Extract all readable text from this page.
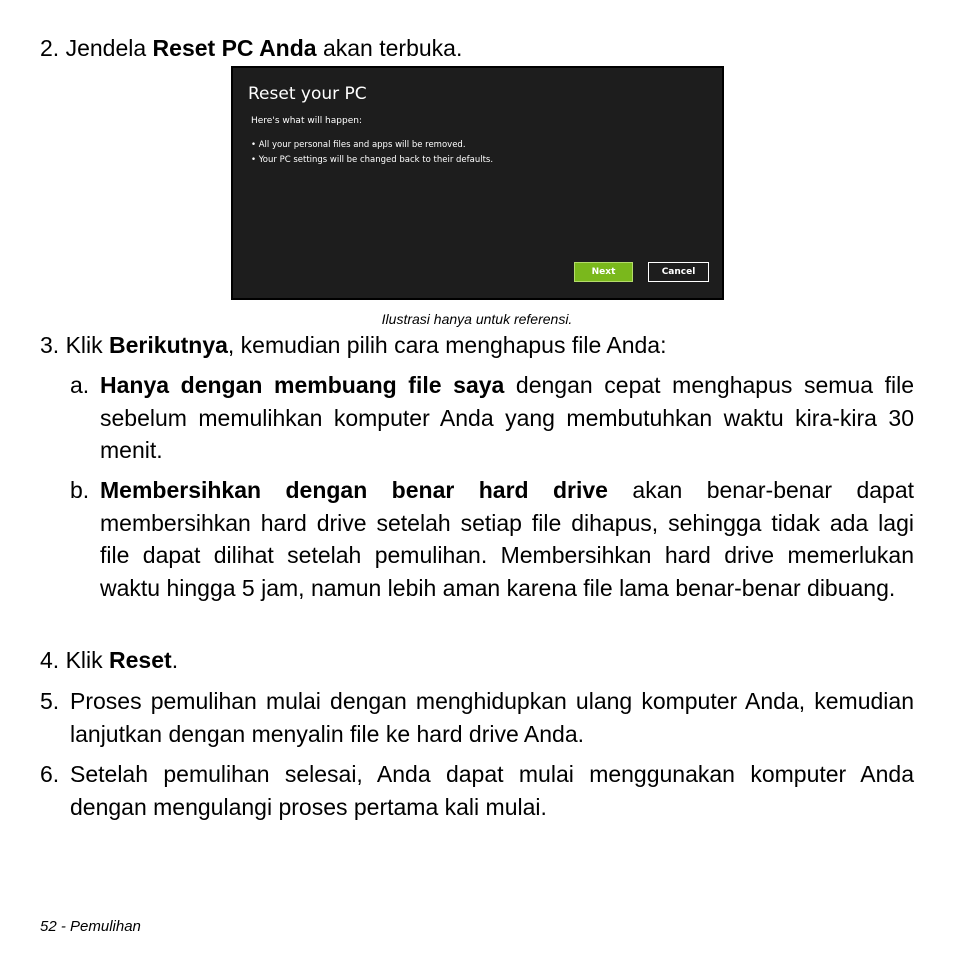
2. Jendela Reset PC Anda akan terbuka.
Reset your PC
Here's what will happen:
• All your personal files and apps will be removed.
• Your PC settings will be changed back to their defaults.
Next	Cancel
Ilustrasi hanya untuk referensi.
3. Klik Berikutnya, kemudian pilih cara menghapus file Anda:
a. Hanya dengan membuang file saya dengan cepat menghapus semua file sebelum memulihkan komputer Anda yang membutuhkan waktu kira-kira 30 menit.
b. Membersihkan dengan benar hard drive akan benar-benar dapat membersihkan hard drive setelah setiap file dihapus, sehingga tidak ada lagi file dapat dilihat setelah pemulihan. Membersihkan hard drive memerlukan waktu hingga 5 jam, namun lebih aman karena file lama benar-benar dibuang.
4. Klik Reset.
5. Proses pemulihan mulai dengan menghidupkan ulang komputer Anda, kemudian lanjutkan dengan menyalin file ke hard drive Anda.
6. Setelah pemulihan selesai, Anda dapat mulai menggunakan komputer Anda dengan mengulangi proses pertama kali mulai.
52 - Pemulihan
